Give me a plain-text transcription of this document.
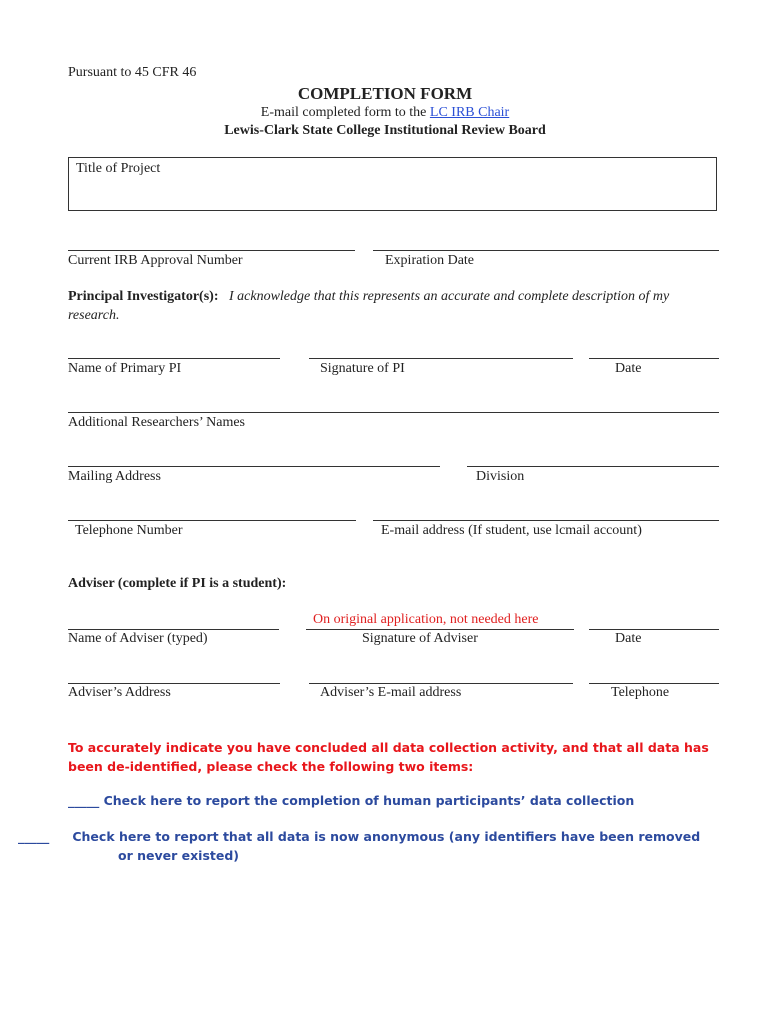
Pursuant to 45 CFR 46
COMPLETION FORM
E-mail completed form to the LC IRB Chair
Lewis-Clark State College Institutional Review Board
Title of Project
Current IRB Approval Number	Expiration Date
Principal Investigator(s): I acknowledge that this represents an accurate and complete description of my research.
Name of Primary PI	Signature of PI	Date
Additional Researchers’ Names
Mailing Address	Division
Telephone Number	E-mail address (If student, use lcmail account)
Adviser (complete if PI is a student):
On original application, not needed here
Name of Adviser (typed)	Signature of Adviser	Date
Adviser’s Address	Adviser’s E-mail address	Telephone
To accurately indicate you have concluded all data collection activity, and that all data has been de-identified, please check the following two items:
_____ Check here to report the completion of human participants’ data collection
_____ Check here to report that all data is now anonymous (any identifiers have been removed or never existed)
